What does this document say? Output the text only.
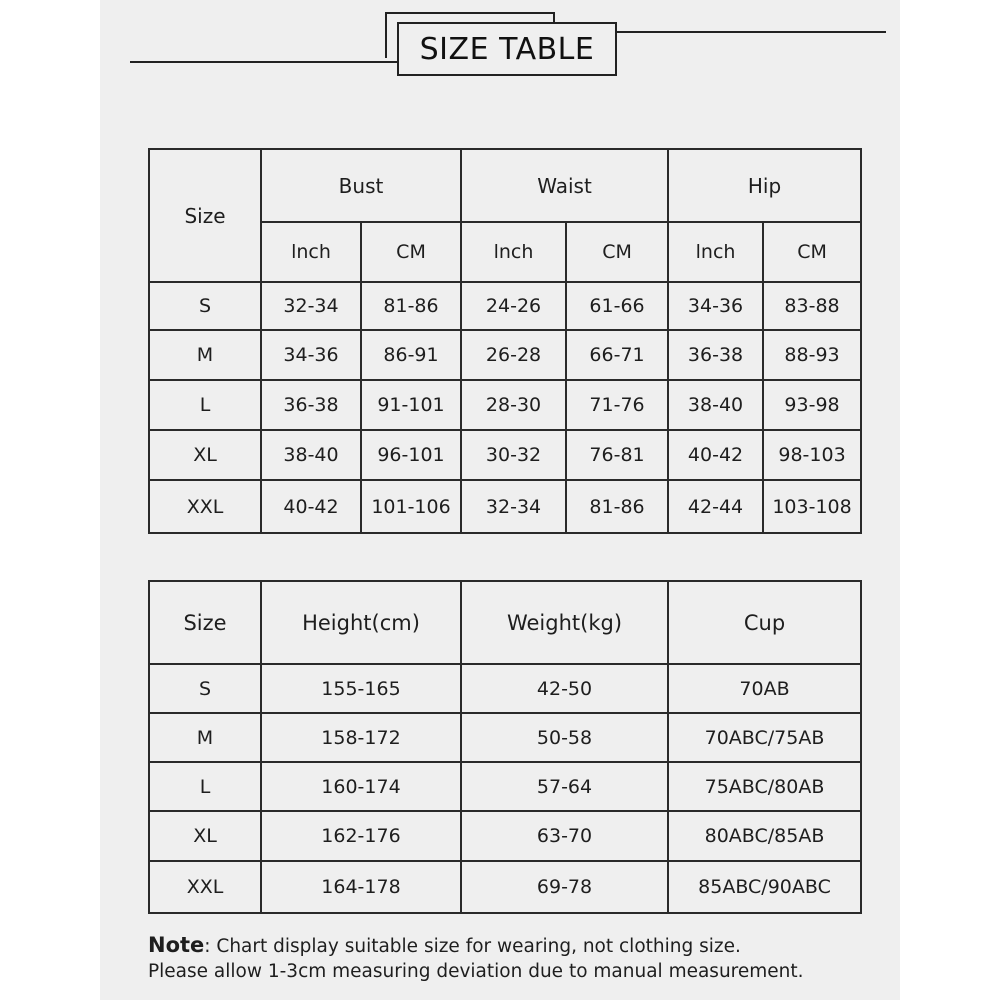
SIZE TABLE
Size	Bust		Waist		Hip	
	lnch	CM	lnch	CM	lnch	CM
S	32-34	81-86	24-26	61-66	34-36	83-88
M	34-36	86-91	26-28	66-71	36-38	88-93
L	36-38	91-101	28-30	71-76	38-40	93-98
XL	38-40	96-101	30-32	76-81	40-42	98-103
XXL	40-42	101-106	32-34	81-86	42-44	103-108
Size	Height(cm)	Weight(kg)	Cup
S	155-165	42-50	70AB
M	158-172	50-58	70ABC/75AB
L	160-174	57-64	75ABC/80AB
XL	162-176	63-70	80ABC/85AB
XXL	164-178	69-78	85ABC/90ABC
Note: Chart display suitable size for wearing, not clothing size.
Please allow 1-3cm measuring deviation due to manual measurement.
